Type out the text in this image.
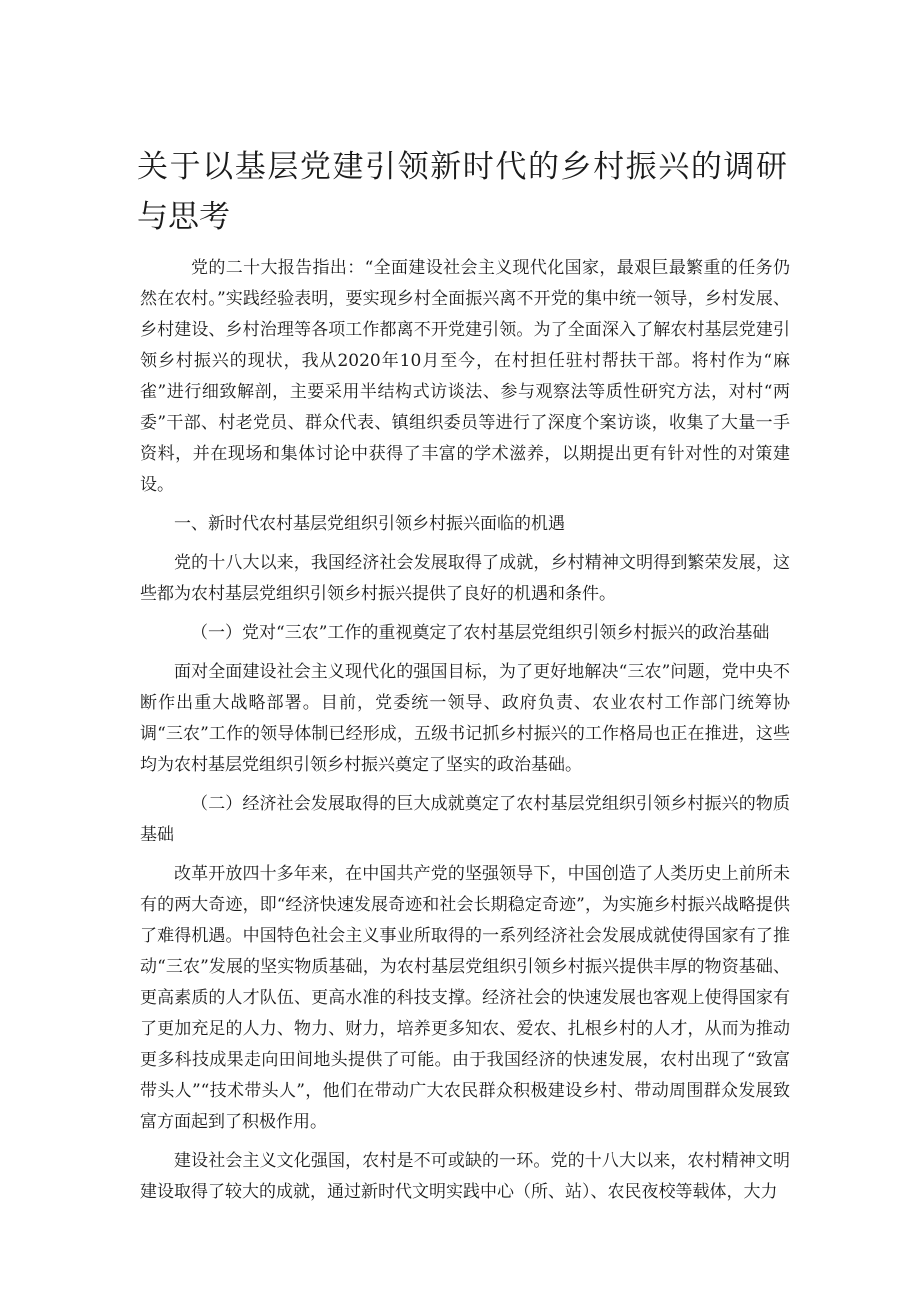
关于以基层党建引领新时代的乡村振兴的调研与思考

党的二十大报告指出：“全面建设社会主义现代化国家，最艰巨最繁重的任务仍然在农村。”实践经验表明，要实现乡村全面振兴离不开党的集中统一领导，乡村发展、乡村建设、乡村治理等各项工作都离不开党建引领。为了全面深入了解农村基层党建引领乡村振兴的现状，我从2020年10月至今，在村担任驻村帮扶干部。将村作为“麻雀”进行细致解剖，主要采用半结构式访谈法、参与观察法等质性研究方法，对村“两委”干部、村老党员、群众代表、镇组织委员等进行了深度个案访谈，收集了大量一手资料，并在现场和集体讨论中获得了丰富的学术滋养，以期提出更有针对性的对策建设。

一、新时代农村基层党组织引领乡村振兴面临的机遇

党的十八大以来，我国经济社会发展取得了成就，乡村精神文明得到繁荣发展，这些都为农村基层党组织引领乡村振兴提供了良好的机遇和条件。

（一）党对“三农”工作的重视奠定了农村基层党组织引领乡村振兴的政治基础

面对全面建设社会主义现代化的强国目标，为了更好地解决“三农”问题，党中央不断作出重大战略部署。目前，党委统一领导、政府负责、农业农村工作部门统筹协调“三农”工作的领导体制已经形成，五级书记抓乡村振兴的工作格局也正在推进，这些均为农村基层党组织引领乡村振兴奠定了坚实的政治基础。

（二）经济社会发展取得的巨大成就奠定了农村基层党组织引领乡村振兴的物质基础

改革开放四十多年来，在中国共产党的坚强领导下，中国创造了人类历史上前所未有的两大奇迹，即“经济快速发展奇迹和社会长期稳定奇迹”，为实施乡村振兴战略提供了难得机遇。中国特色社会主义事业所取得的一系列经济社会发展成就使得国家有了推动“三农”发展的坚实物质基础，为农村基层党组织引领乡村振兴提供丰厚的物资基础、更高素质的人才队伍、更高水准的科技支撑。经济社会的快速发展也客观上使得国家有了更加充足的人力、物力、财力，培养更多知农、爱农、扎根乡村的人才，从而为推动更多科技成果走向田间地头提供了可能。由于我国经济的快速发展，农村出现了“致富带头人”“技术带头人”，他们在带动广大农民群众积极建设乡村、带动周围群众发展致富方面起到了积极作用。

建设社会主义文化强国，农村是不可或缺的一环。党的十八大以来，农村精神文明建设取得了较大的成就，通过新时代文明实践中心（所、站）、农民夜校等载体，大力
